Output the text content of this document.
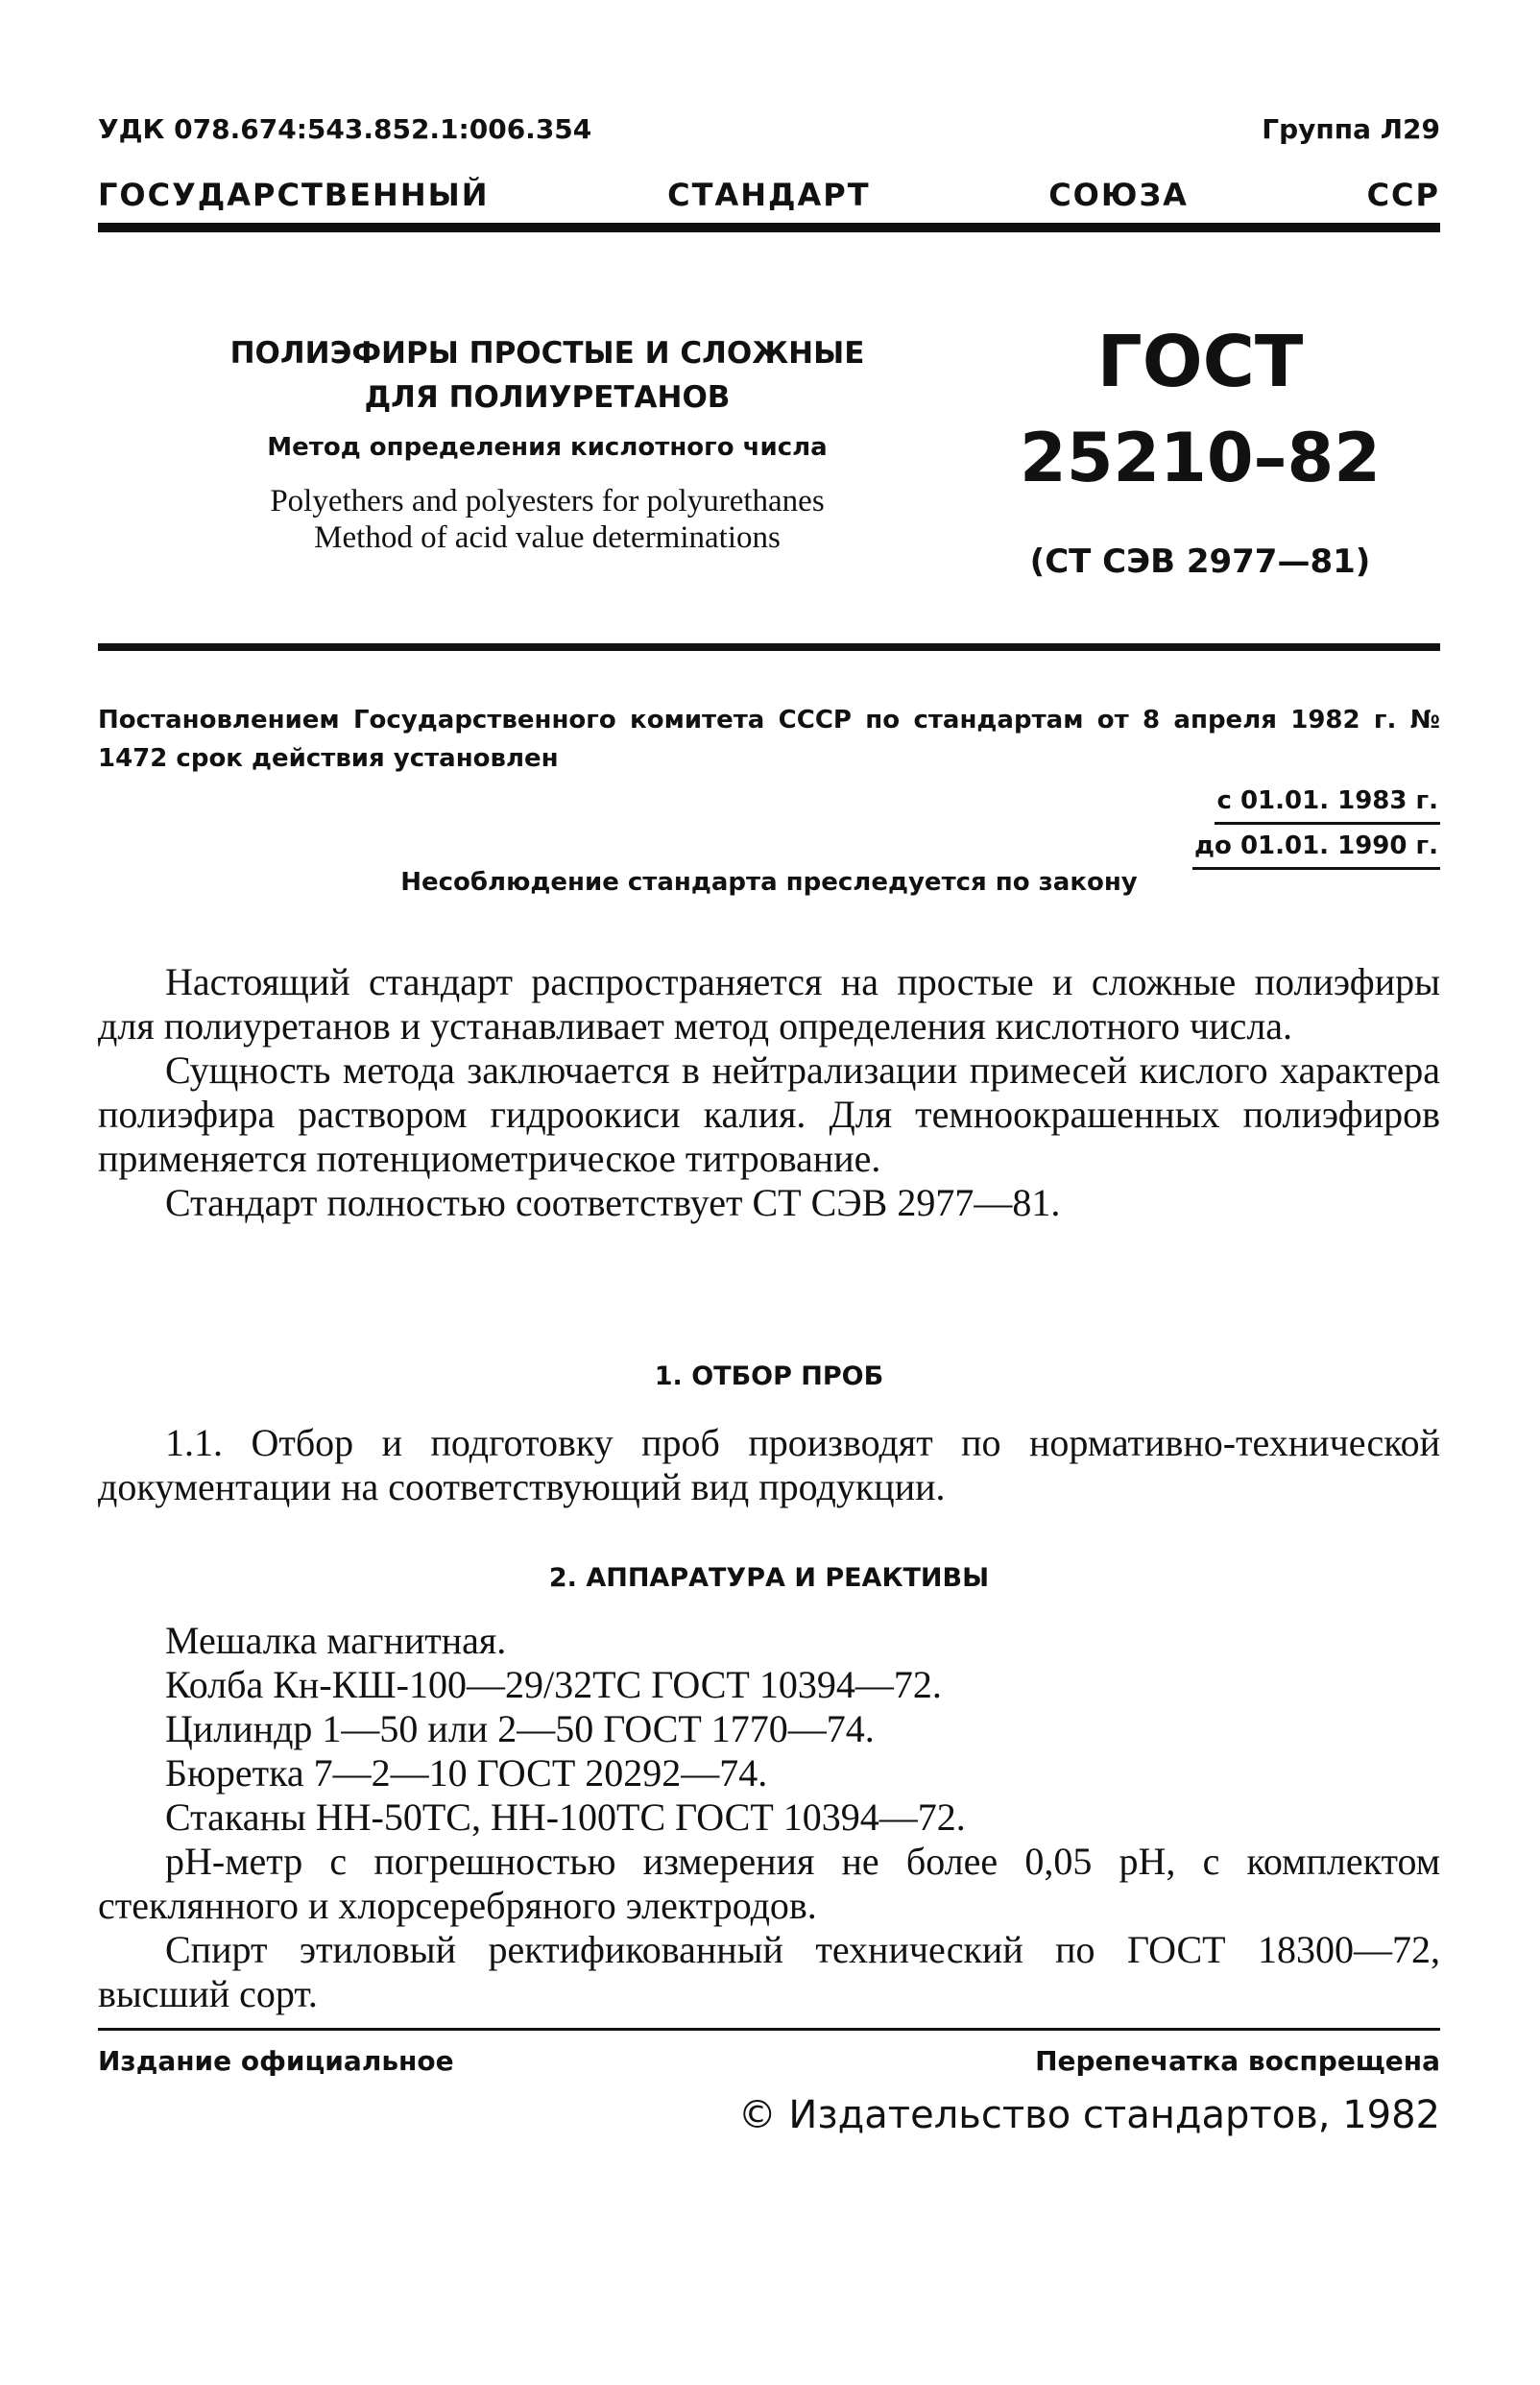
УДК 078.674:543.852.1:006.354	Группа Л29
ГОСУДАРСТВЕННЫЙ	СТАНДАРТ	СОЮЗА	ССР
ПОЛИЭФИРЫ ПРОСТЫЕ И СЛОЖНЫЕ
ДЛЯ ПОЛИУРЕТАНОВ
Метод определения кислотного числа
Polyethers and polyesters for polyurethanes
Method of acid value determinations
ГОСТ
25210–82
(СТ СЭВ 2977—81)
Постановлением Государственного комитета СССР по стандартам от 8 апреля 1982 г. № 1472 срок действия установлен
с 01.01. 1983 г.
до 01.01. 1990 г.
Несоблюдение стандарта преследуется по закону

Настоящий стандарт распространяется на простые и сложные полиэфиры для полиуретанов и устанавливает метод определения кислотного числа.

Сущность метода заключается в нейтрализации примесей кислого характера полиэфира раствором гидроокиси калия. Для темноокрашенных полиэфиров применяется потенциометрическое титрование.

Стандарт полностью соответствует СТ СЭВ 2977—81.

1. ОТБОР ПРОБ

1.1. Отбор и подготовку проб производят по нормативно-технической документации на соответствующий вид продукции.

2. АППАРАТУРА И РЕАКТИВЫ

Мешалка магнитная.

Колба Кн-КШ-100—29/32ТС ГОСТ 10394—72.

Цилиндр 1—50 или 2—50 ГОСТ 1770—74.

Бюретка 7—2—10 ГОСТ 20292—74.

Стаканы НН-50ТС, НН-100ТС ГОСТ 10394—72.

рН-метр с погрешностью измерения не более 0,05 рН, с комплектом стеклянного и хлорсеребряного электродов.

Спирт этиловый ректификованный технический по ГОСТ 18300—72, высший сорт.

Издание официальное	Перепечатка воспрещена
© Издательство стандартов, 1982
